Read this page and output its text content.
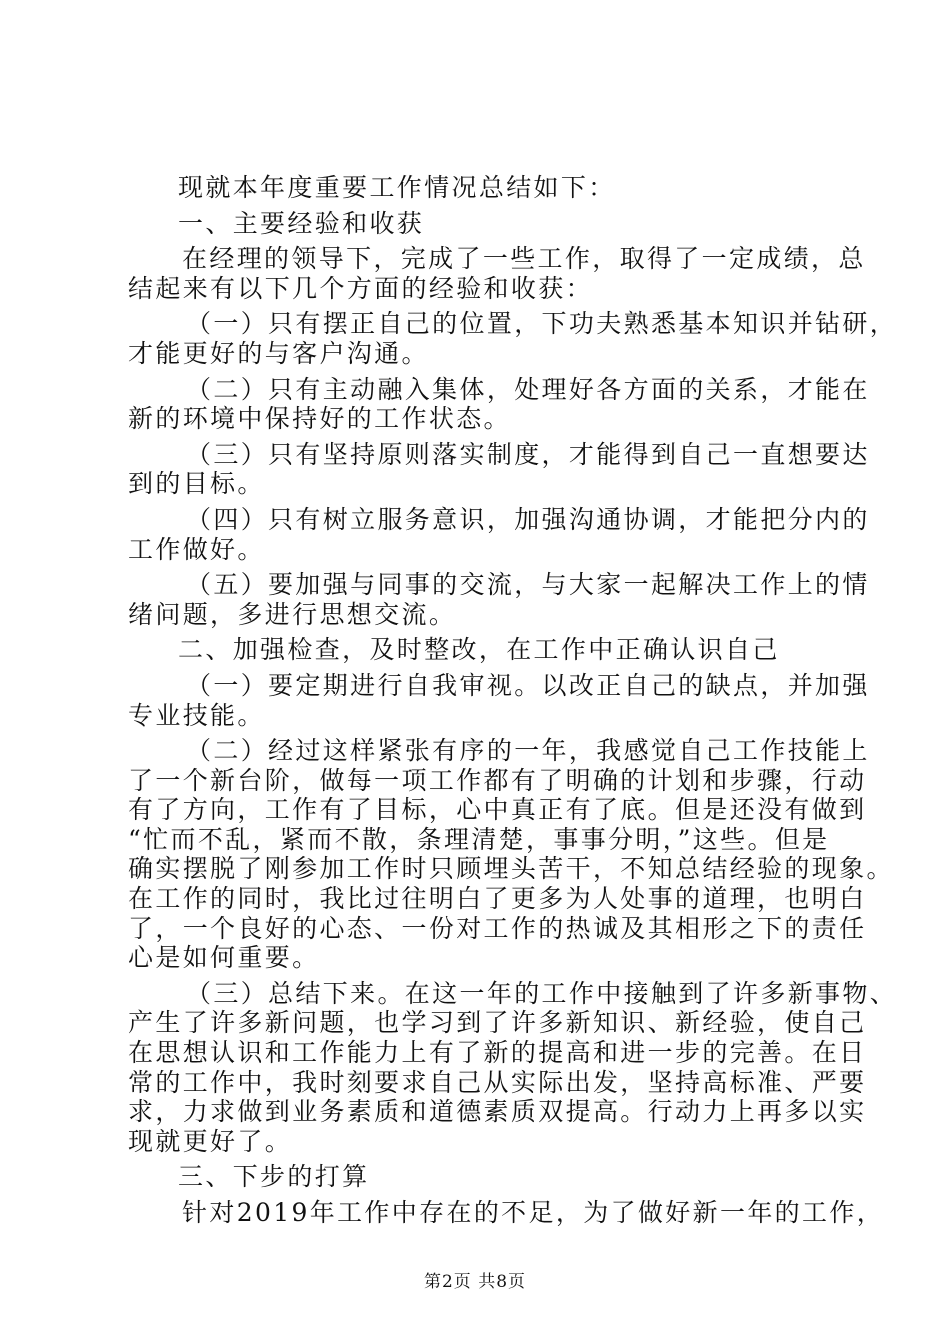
现就本年度重要工作情况总结如下：
一、主要经验和收获
在经理的领导下，完成了一些工作，取得了一定成绩，总
结起来有以下几个方面的经验和收获：
（一）只有摆正自己的位置，下功夫熟悉基本知识并钻研，
才能更好的与客户沟通。
（二）只有主动融入集体，处理好各方面的关系，才能在
新的环境中保持好的工作状态。
（三）只有坚持原则落实制度，才能得到自己一直想要达
到的目标。
（四）只有树立服务意识，加强沟通协调，才能把分内的
工作做好。
（五）要加强与同事的交流，与大家一起解决工作上的情
绪问题，多进行思想交流。
二、加强检查，及时整改，在工作中正确认识自己
（一）要定期进行自我审视。以改正自己的缺点，并加强
专业技能。
（二）经过这样紧张有序的一年，我感觉自己工作技能上
了一个新台阶，做每一项工作都有了明确的计划和步骤，行动
有了方向，工作有了目标，心中真正有了底。但是还没有做到
“忙而不乱，紧而不散，条理清楚，事事分明，”这些。但是
确实摆脱了刚参加工作时只顾埋头苦干，不知总结经验的现象。
在工作的同时，我比过往明白了更多为人处事的道理，也明白
了，一个良好的心态、一份对工作的热诚及其相形之下的责任
心是如何重要。
（三）总结下来。在这一年的工作中接触到了许多新事物、
产生了许多新问题，也学习到了许多新知识、新经验，使自己
在思想认识和工作能力上有了新的提高和进一步的完善。在日
常的工作中，我时刻要求自己从实际出发，坚持高标准、严要
求，力求做到业务素质和道德素质双提高。行动力上再多以实
现就更好了。
三、下步的打算
针对2019年工作中存在的不足，为了做好新一年的工作，
第2页 共8页
